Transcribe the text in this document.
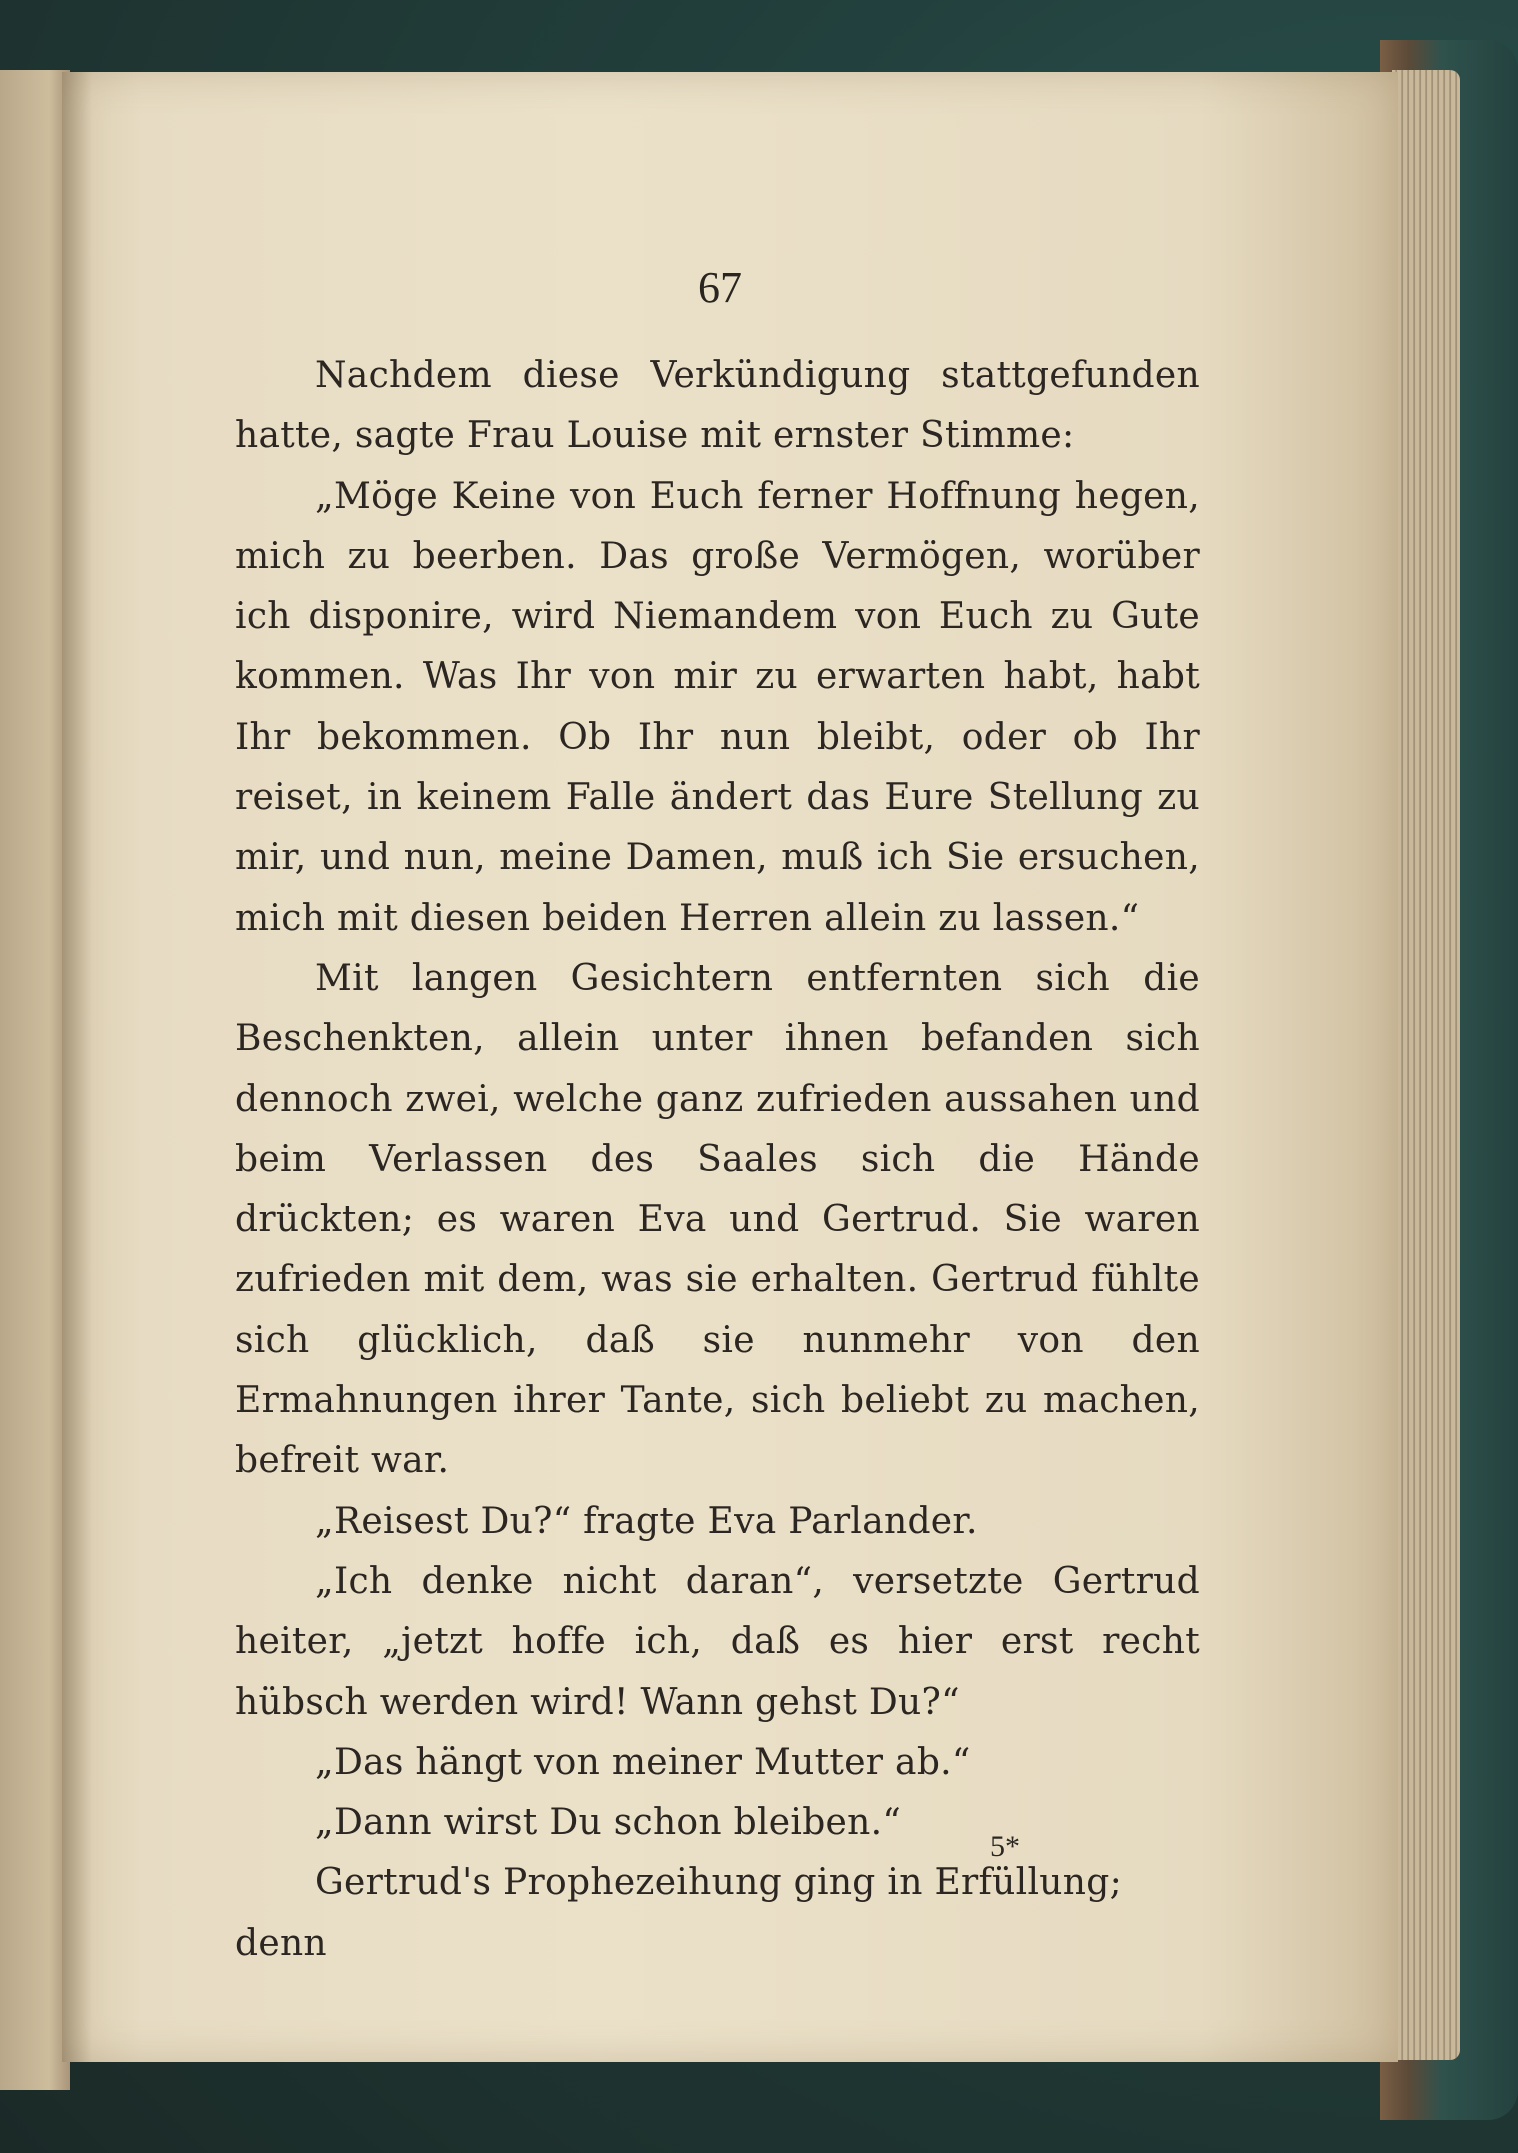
67

Nachdem diese Verkündigung stattgefunden hatte, sagte Frau Louise mit ernster Stimme:

„Möge Keine von Euch ferner Hoffnung hegen, mich zu beerben. Das große Vermögen, worüber ich disponire, wird Niemandem von Euch zu Gute kommen. Was Ihr von mir zu erwarten habt, habt Ihr bekommen. Ob Ihr nun bleibt, oder ob Ihr reiset, in keinem Falle ändert das Eure Stellung zu mir, und nun, meine Damen, muß ich Sie ersuchen, mich mit diesen beiden Herren allein zu lassen.“

Mit langen Gesichtern entfernten sich die Beschenkten, allein unter ihnen befanden sich dennoch zwei, welche ganz zufrieden aussahen und beim Verlassen des Saales sich die Hände drückten; es waren Eva und Gertrud. Sie waren zufrieden mit dem, was sie erhalten. Gertrud fühlte sich glücklich, daß sie nunmehr von den Ermahnungen ihrer Tante, sich beliebt zu machen, befreit war.

„Reisest Du?“ fragte Eva Parlander.

„Ich denke nicht daran“, versetzte Gertrud heiter, „jetzt hoffe ich, daß es hier erst recht hübsch werden wird! Wann gehst Du?“

„Das hängt von meiner Mutter ab.“

„Dann wirst Du schon bleiben.“

Gertrud's Prophezeihung ging in Erfüllung; denn

5*
